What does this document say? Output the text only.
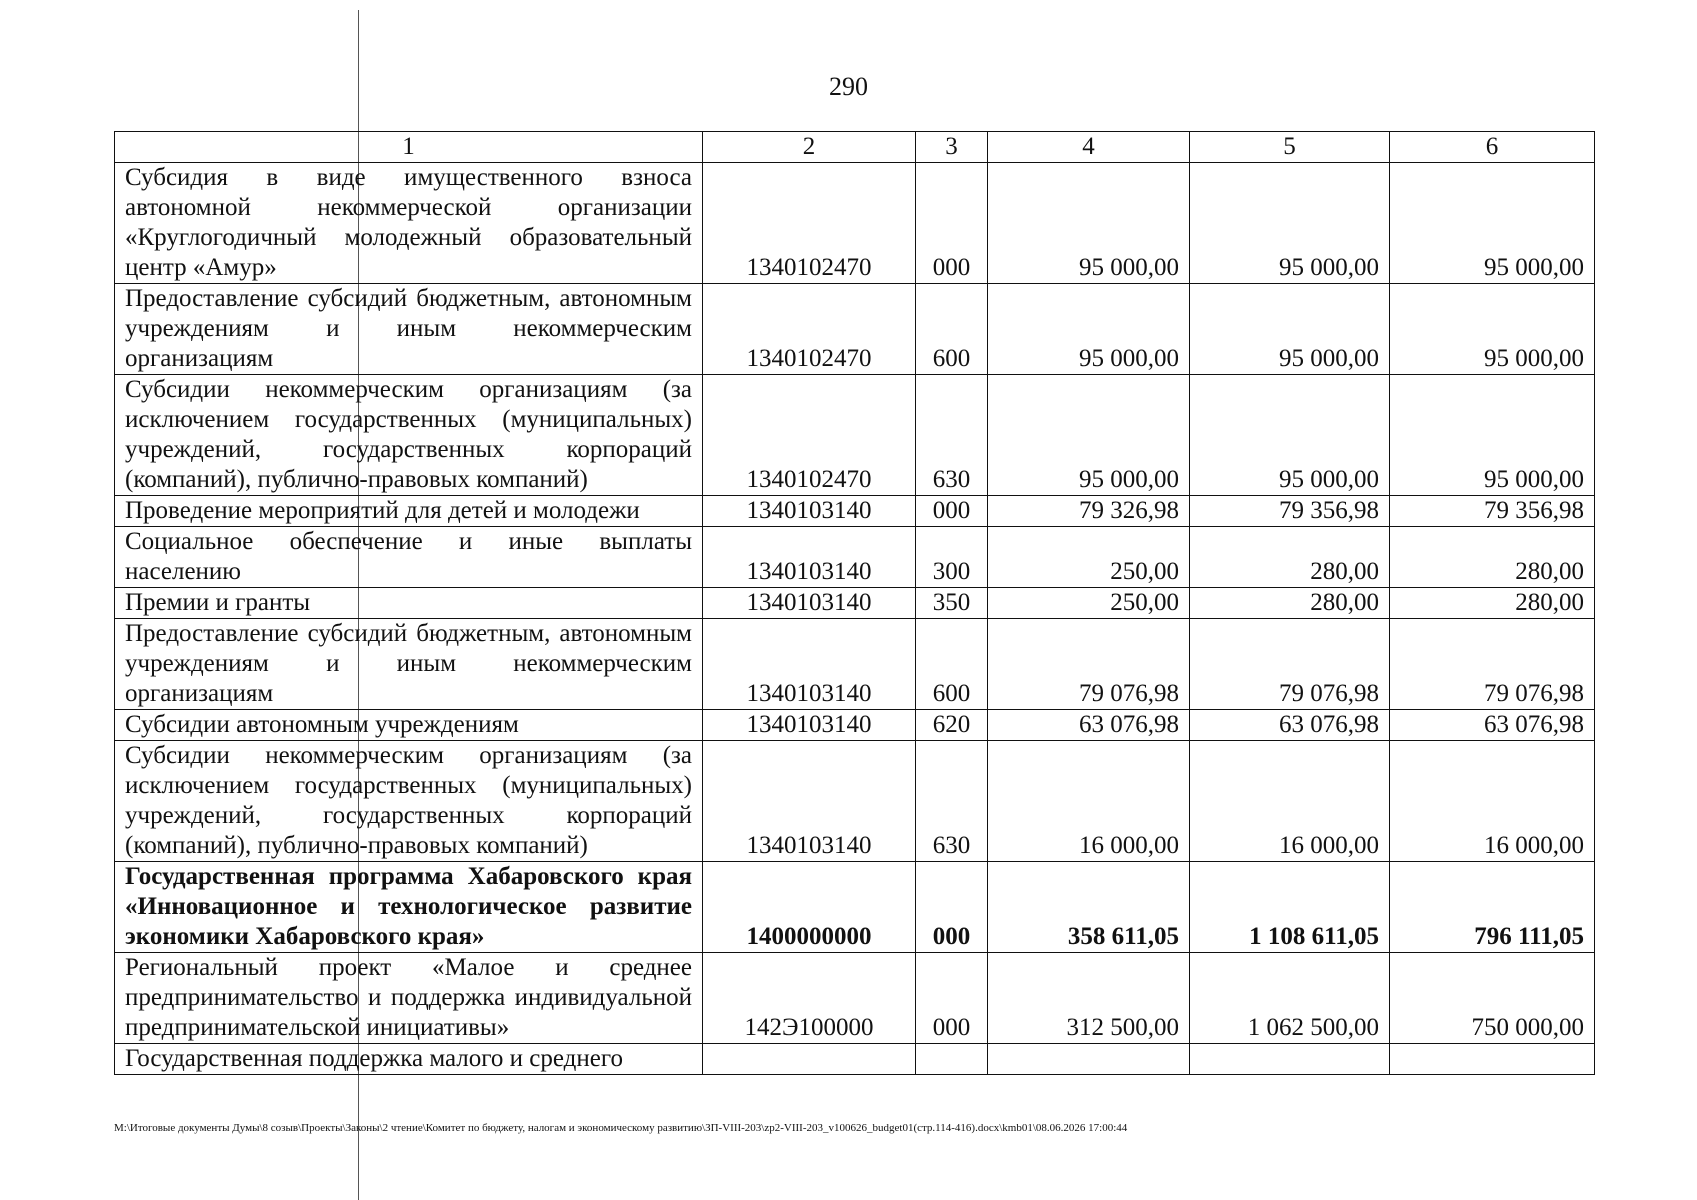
290
1	2	3	4	5	6
Субсидия в виде имущественного взноса автономной некоммерческой организации «Круглогодичный молодежный образовательный центр «Амур»	1340102470	000	95 000,00	95 000,00	95 000,00
Предоставление субсидий бюджетным, автономным учреждениям и иным некоммерческим организациям	1340102470	600	95 000,00	95 000,00	95 000,00
Субсидии некоммерческим организациям (за исключением государственных (муниципальных) учреждений, государственных корпораций (компаний), публично-правовых компаний)	1340102470	630	95 000,00	95 000,00	95 000,00
Проведение мероприятий для детей и молодежи	1340103140	000	79 326,98	79 356,98	79 356,98
Социальное обеспечение и иные выплаты населению	1340103140	300	250,00	280,00	280,00
Премии и гранты	1340103140	350	250,00	280,00	280,00
Предоставление субсидий бюджетным, автономным учреждениям и иным некоммерческим организациям	1340103140	600	79 076,98	79 076,98	79 076,98
Субсидии автономным учреждениям	1340103140	620	63 076,98	63 076,98	63 076,98
Субсидии некоммерческим организациям (за исключением государственных (муниципальных) учреждений, государственных корпораций (компаний), публично-правовых компаний)	1340103140	630	16 000,00	16 000,00	16 000,00
Государственная программа Хабаровского края «Инновационное и технологическое развитие экономики Хабаровского края»	1400000000	000	358 611,05	1 108 611,05	796 111,05
Региональный проект «Малое и среднее предпринимательство и поддержка индивидуальной предпринимательской инициативы»	142Э100000	000	312 500,00	1 062 500,00	750 000,00
Государственная поддержка малого и среднего					
M:\Итоговые документы Думы\8 созыв\Проекты\Законы\2 чтение\Комитет по бюджету, налогам и экономическому развитию\ЗП-VIII-203\zp2-VIII-203_v100626_budget01(стр.114-416).docx\kmb01\08.06.2026 17:00:44
